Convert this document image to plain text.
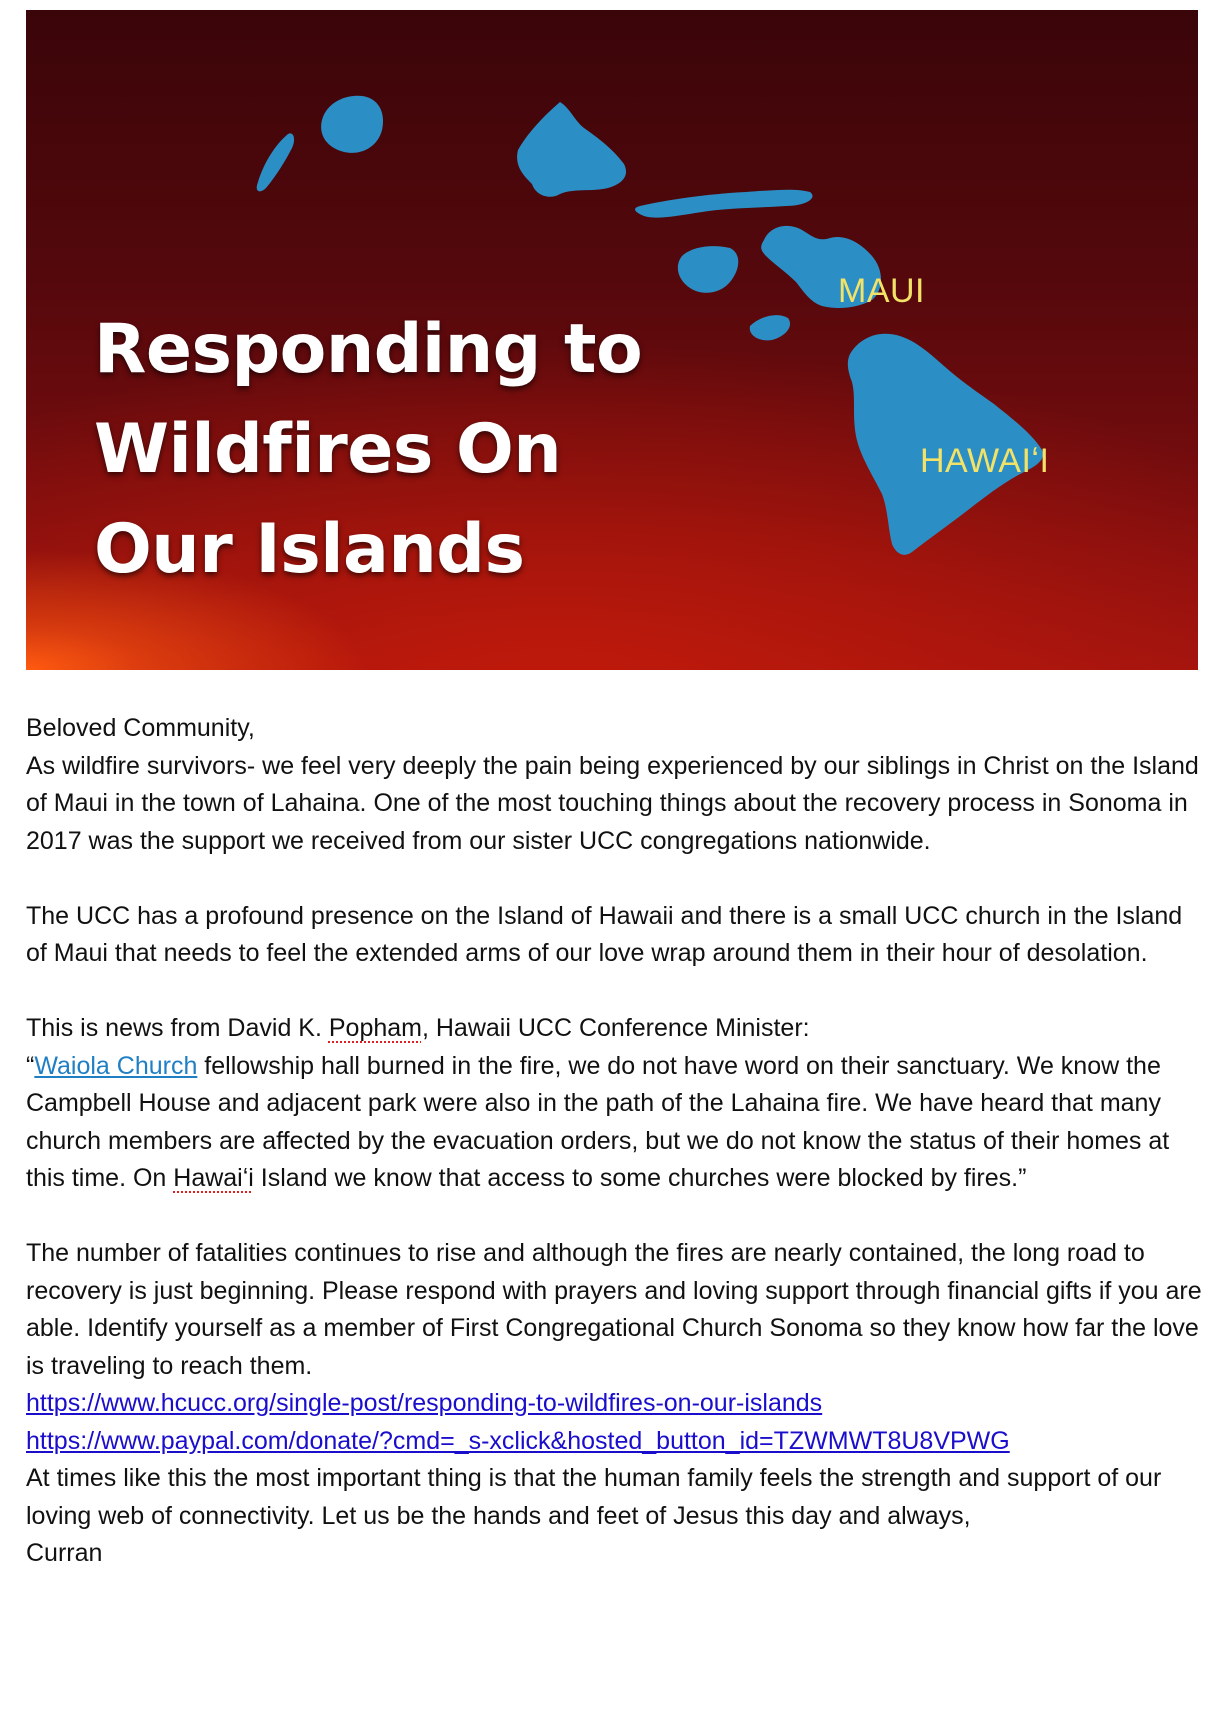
Responding to
Wildfires On
Our Islands
MAUI
HAWAIʻI

Beloved Community,

As wildfire survivors- we feel very deeply the pain being experienced by our siblings in Christ on the Island of Maui in the town of Lahaina. One of the most touching things about the recovery process in Sonoma in 2017 was the support we received from our sister UCC congregations nationwide.

The UCC has a profound presence on the Island of Hawaii and there is a small UCC church in the Island of Maui that needs to feel the extended arms of our love wrap around them in their hour of desolation.

This is news from David K. Popham, Hawaii UCC Conference Minister:

“Waiola Church fellowship hall burned in the fire, we do not have word on their sanctuary. We know the Campbell House and adjacent park were also in the path of the Lahaina fire. We have heard that many church members are affected by the evacuation orders, but we do not know the status of their homes at this time. On Hawaiʻi Island we know that access to some churches were blocked by fires.”

The number of fatalities continues to rise and although the fires are nearly contained, the long road to recovery is just beginning. Please respond with prayers and loving support through financial gifts if you are able. Identify yourself as a member of First Congregational Church Sonoma so they know how far the love is traveling to reach them.

https://www.hcucc.org/single-post/responding-to-wildfires-on-our-islands

https://www.paypal.com/donate/?cmd=_s-xclick&hosted_button_id=TZWMWT8U8VPWG

At times like this the most important thing is that the human family feels the strength and support of our loving web of connectivity. Let us be the hands and feet of Jesus this day and always,

Curran
